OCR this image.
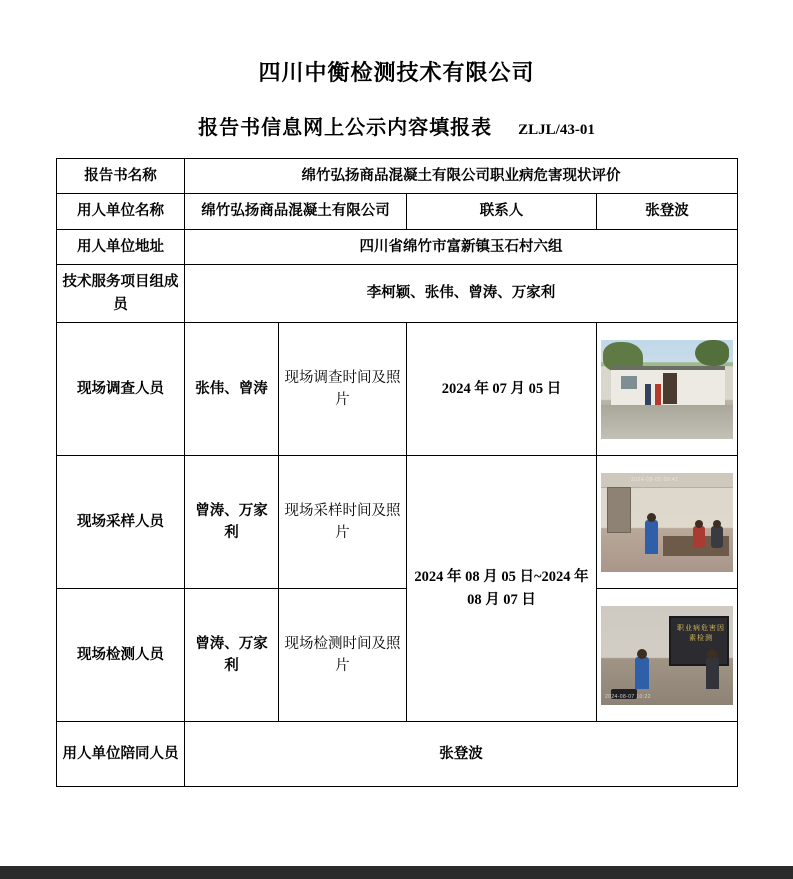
四川中衡检测技术有限公司
报告书信息网上公示内容填报表 ZLJL/43-01
报告书名称	绵竹弘扬商品混凝土有限公司职业病危害现状评价			
用人单位名称	绵竹弘扬商品混凝土有限公司		联系人	张登波
用人单位地址	四川省绵竹市富新镇玉石村六组			
技术服务项目组成员	李柯颖、张伟、曾涛、万家利			
现场调查人员	张伟、曾涛	现场调查时间及照片	2024 年 07 月 05 日	

现场采样人员	曾涛、万家利	现场采样时间及照片	2024 年 08 月 05 日~2024 年 08 月 07 日	2024-08-05 09:41

现场检测人员	曾涛、万家利	现场检测时间及照片		职业病危害因素检测
2024-08-07 10:22

用人单位陪同人员	张登波			
